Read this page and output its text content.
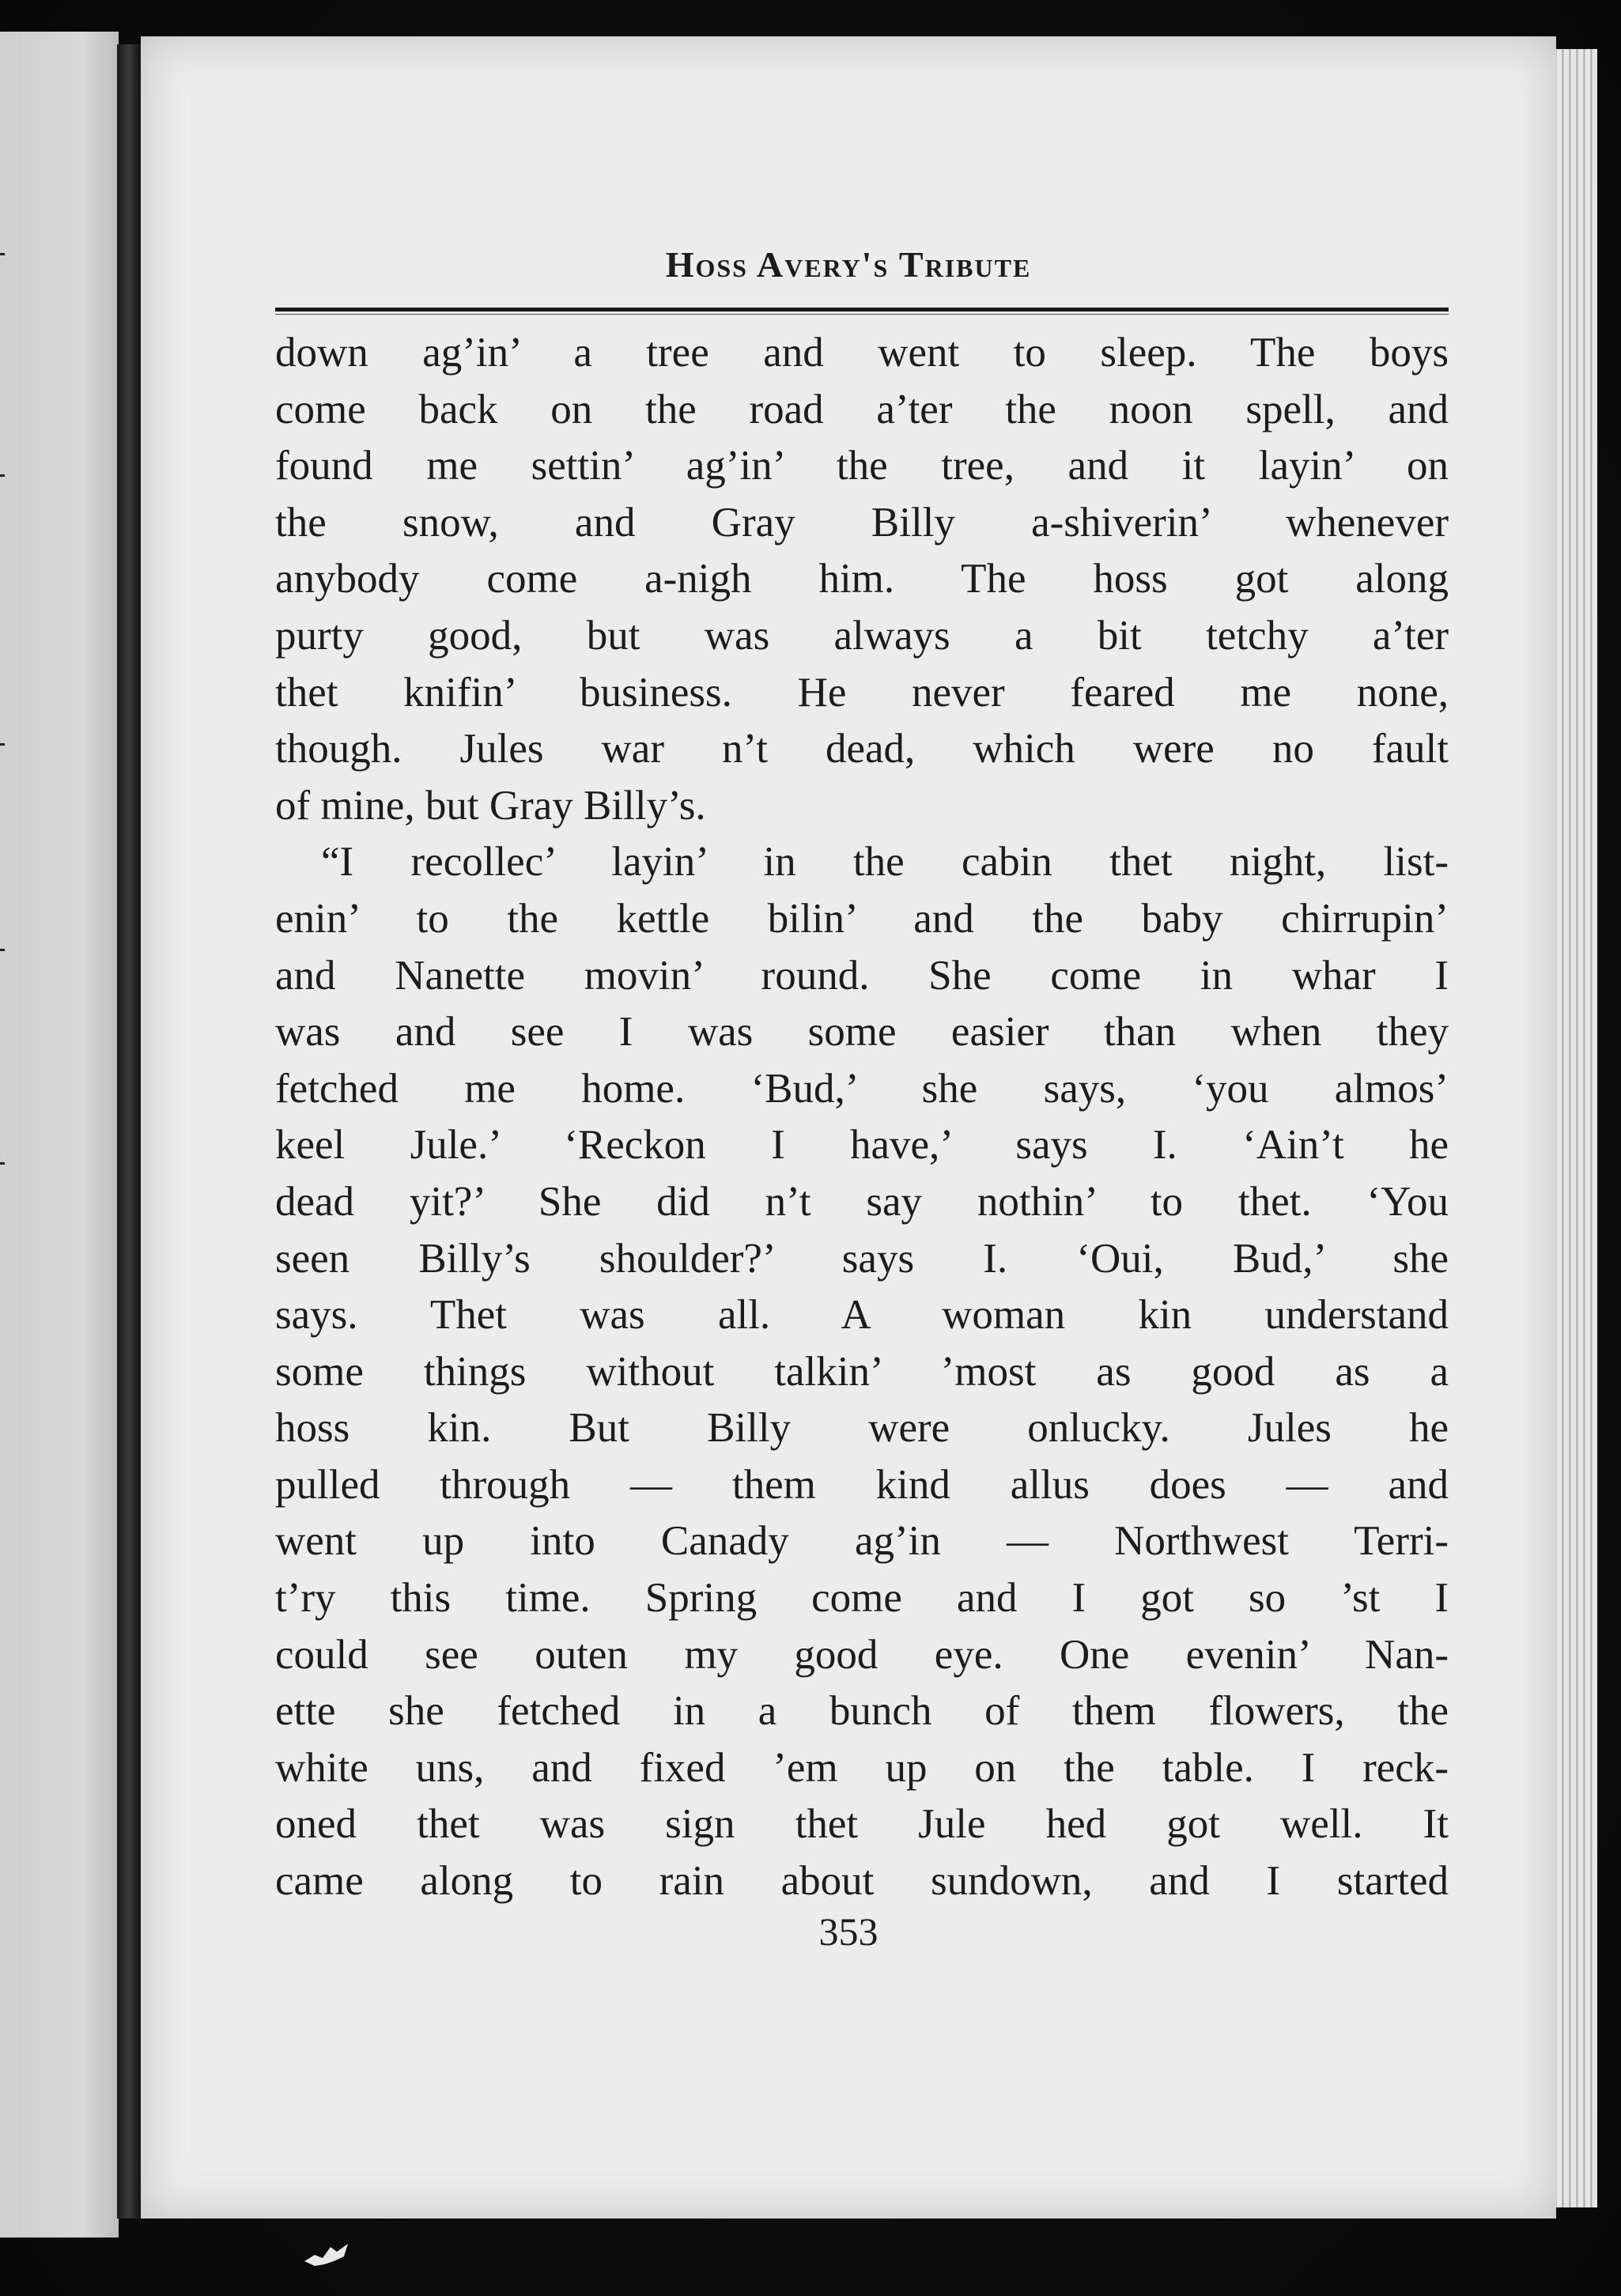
Hoss Avery's Tribute
down ag’in’ a tree and went to sleep. The boys
come back on the road a’ter the noon spell, and
found me settin’ ag’in’ the tree, and it layin’ on
the snow, and Gray Billy a-shiverin’ whenever
anybody come a-nigh him. The hoss got along
purty good, but was always a bit tetchy a’ter
thet knifin’ business. He never feared me none,
though. Jules war n’t dead, which were no fault
of mine, but Gray Billy’s.
“I recollec’ layin’ in the cabin thet night, list-
enin’ to the kettle bilin’ and the baby chirrupin’
and Nanette movin’ round. She come in whar I
was and see I was some easier than when they
fetched me home. ‘Bud,’ she says, ‘you almos’
keel Jule.’ ‘Reckon I have,’ says I. ‘Ain’t he
dead yit?’ She did n’t say nothin’ to thet. ‘You
seen Billy’s shoulder?’ says I. ‘Oui, Bud,’ she
says. Thet was all. A woman kin understand
some things without talkin’ ’most as good as a
hoss kin. But Billy were onlucky. Jules he
pulled through — them kind allus does — and
went up into Canady ag’in — Northwest Terri-
t’ry this time. Spring come and I got so ’st I
could see outen my good eye. One evenin’ Nan-
ette she fetched in a bunch of them flowers, the
white uns, and fixed ’em up on the table. I reck-
oned thet was sign thet Jule hed got well. It
came along to rain about sundown, and I started
353
